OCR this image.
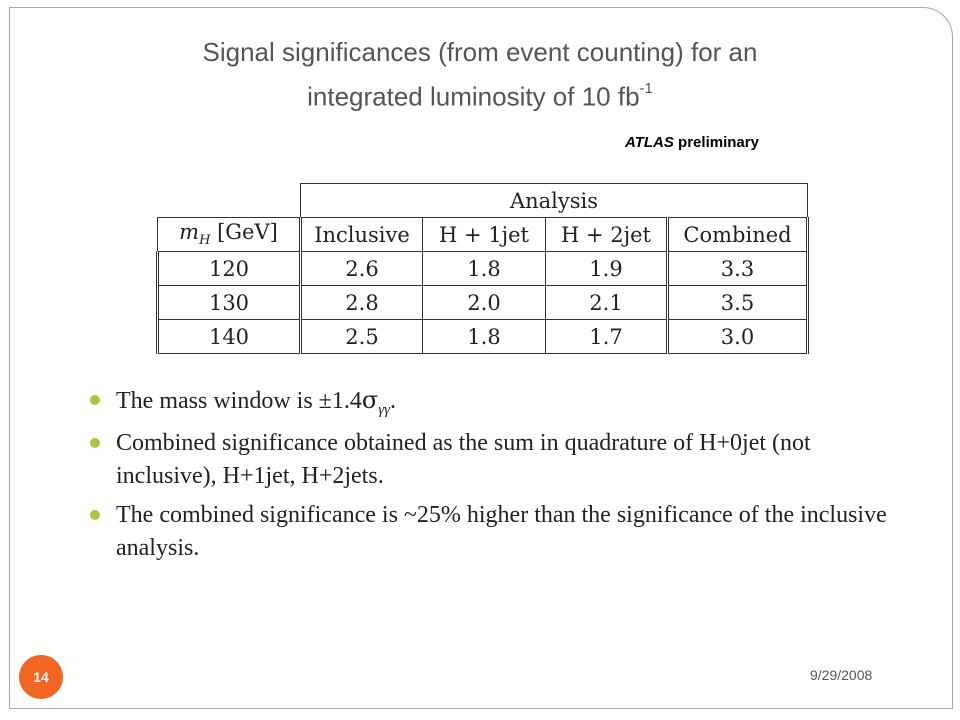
Signal significances (from event counting) for an
integrated luminosity of 10 $fb^{-1}$
ATLAS preliminary
	Analysis			
$m_H$ [GeV]	Inclusive	H + 1jet	H + 2jet	Combined
120	2.6	1.8	1.9	3.3
130	2.8	2.0	2.1	3.5
140	2.5	1.8	1.7	3.0
The mass window is $\pm 1.4\sigma_{\gamma\gamma}$.
Combined significance obtained as the sum in quadrature of H+0jet (not inclusive), H+1jet, H+2jets.
The combined significance is ~25% higher than the significance of the inclusive analysis.
14	9/29/2008
